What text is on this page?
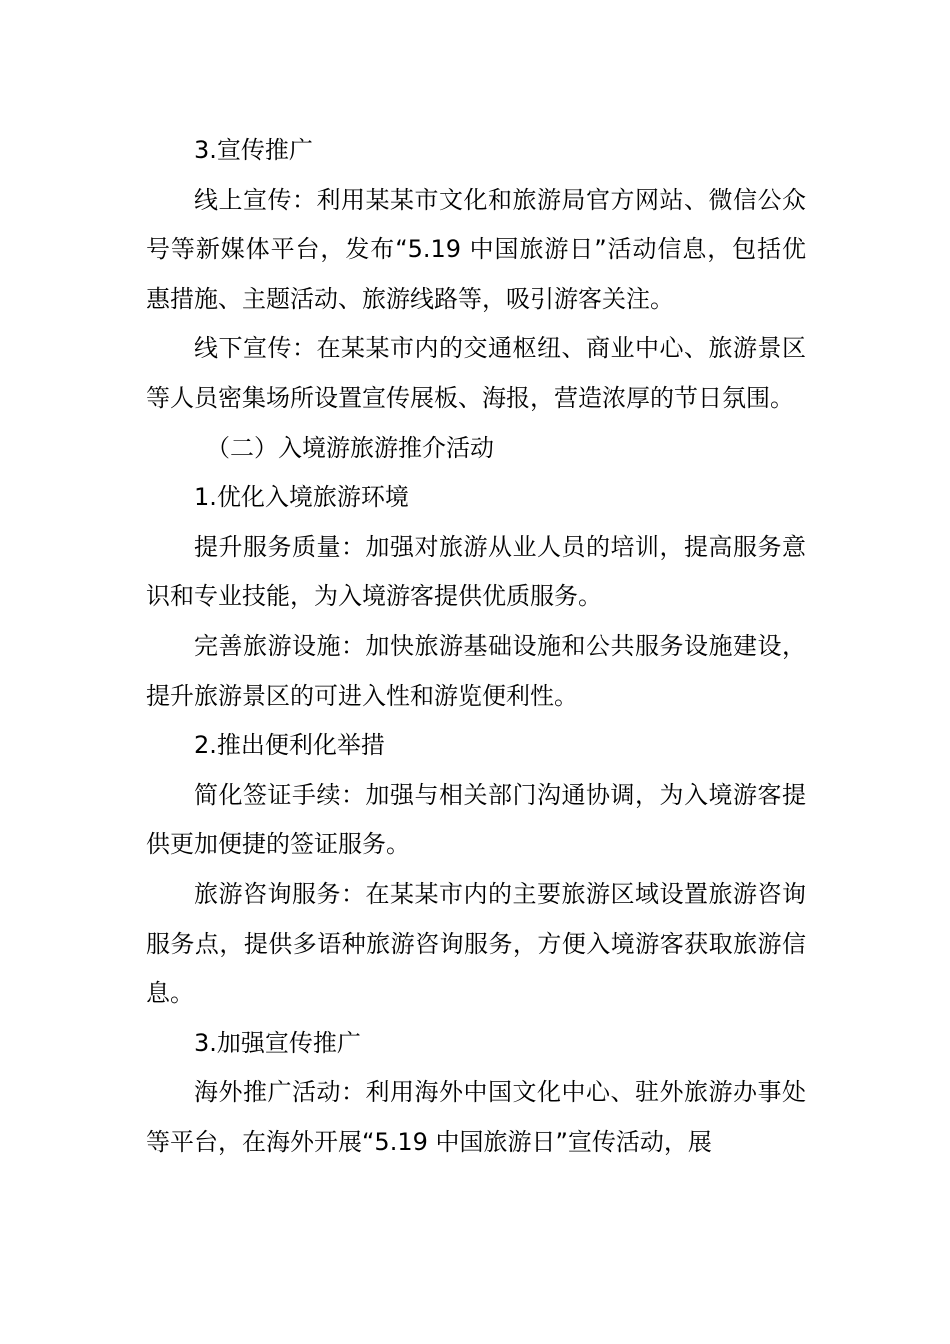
3.宣传推广

线上宣传：利用某某市文化和旅游局官方网站、微信公众号等新媒体平台，发布“5.19 中国旅游日”活动信息，包括优惠措施、主题活动、旅游线路等，吸引游客关注。

线下宣传：在某某市内的交通枢纽、商业中心、旅游景区等人员密集场所设置宣传展板、海报，营造浓厚的节日氛围。

（二）入境游旅游推介活动

1.优化入境旅游环境

提升服务质量：加强对旅游从业人员的培训，提高服务意识和专业技能，为入境游客提供优质服务。

完善旅游设施：加快旅游基础设施和公共服务设施建设，提升旅游景区的可进入性和游览便利性。

2.推出便利化举措

简化签证手续：加强与相关部门沟通协调，为入境游客提供更加便捷的签证服务。

旅游咨询服务：在某某市内的主要旅游区域设置旅游咨询服务点，提供多语种旅游咨询服务，方便入境游客获取旅游信息。

3.加强宣传推广

海外推广活动：利用海外中国文化中心、驻外旅游办事处等平台，在海外开展“5.19 中国旅游日”宣传活动，展
